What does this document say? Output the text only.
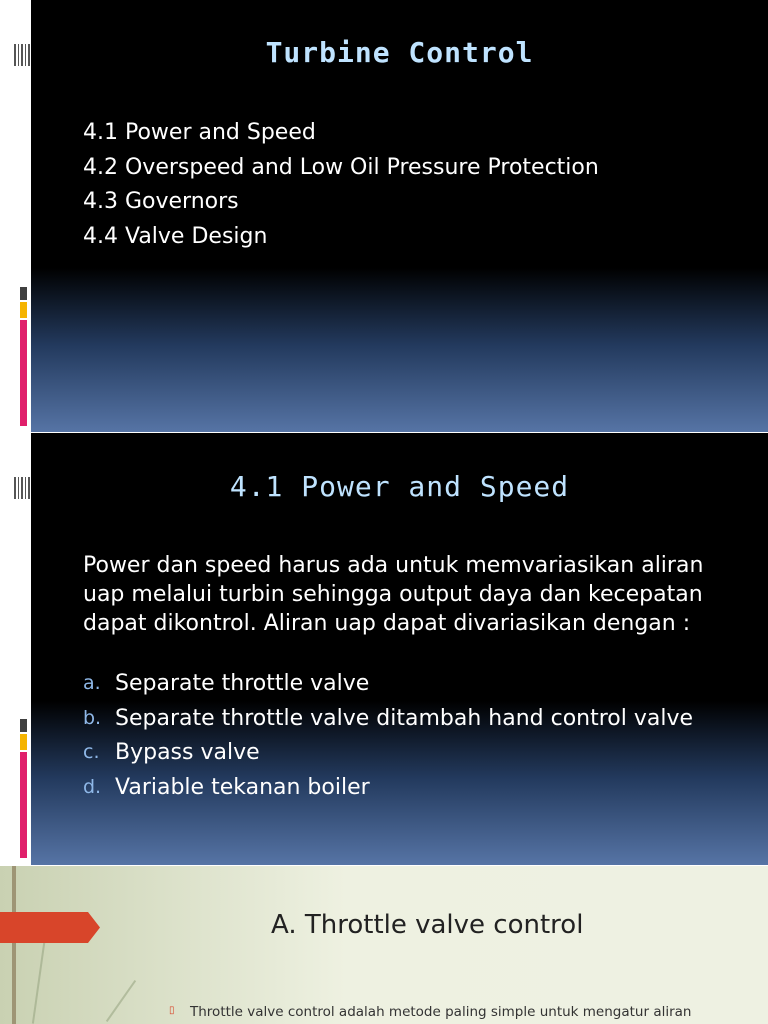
Turbine Control
4.1 Power and Speed
4.2 Overspeed and Low Oil Pressure Protection
4.3 Governors
4.4 Valve Design
4.1 Power and Speed

Power dan speed harus ada untuk memvariasikan aliran uap melalui turbin sehingga output daya dan kecepatan dapat dikontrol. Aliran uap dapat divariasikan dengan :

a. Separate throttle valve
b. Separate throttle valve ditambah hand control valve
c. Bypass valve
d. Variable tekanan boiler
A. Throttle valve control
▯ Throttle valve control adalah metode paling simple untuk mengatur aliran
